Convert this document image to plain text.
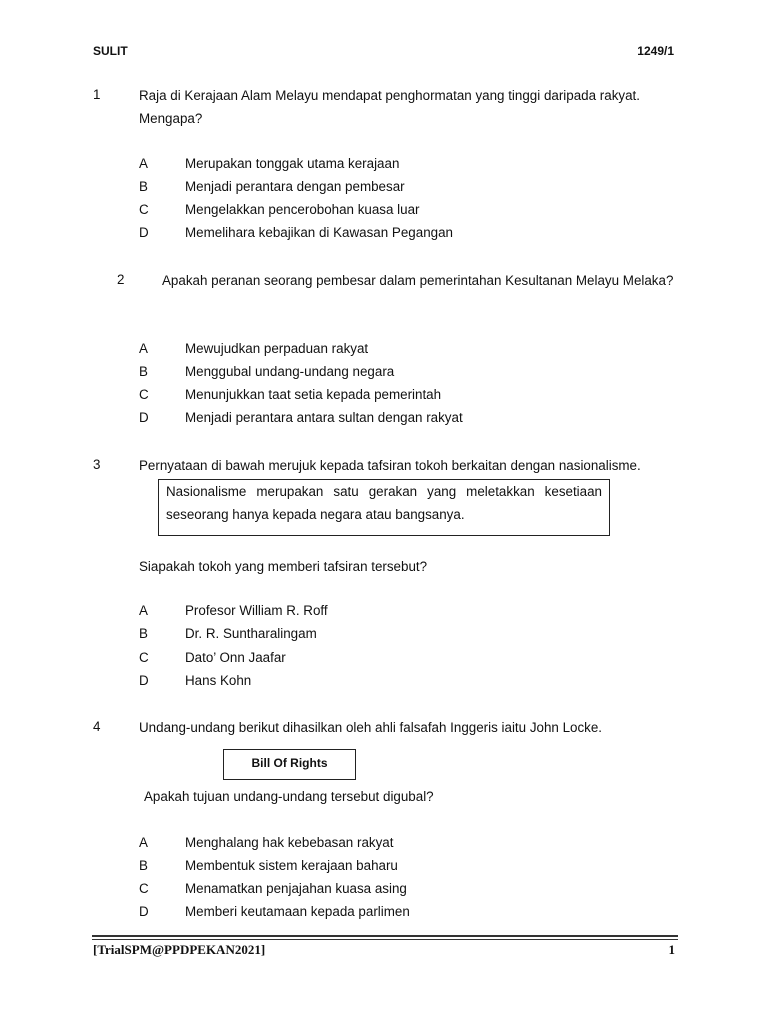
SULIT	1249/1
1	Raja di Kerajaan Alam Melayu mendapat penghormatan yang tinggi daripada rakyat. Mengapa?
A	Merupakan tonggak utama kerajaan
B	Menjadi perantara dengan pembesar
C	Mengelakkan pencerobohan kuasa luar
D	Memelihara kebajikan di Kawasan Pegangan
2	Apakah peranan seorang pembesar dalam pemerintahan Kesultanan Melayu Melaka?
A	Mewujudkan perpaduan rakyat
B	Menggubal undang-undang negara
C	Menunjukkan taat setia kepada pemerintah
D	Menjadi perantara antara sultan dengan rakyat
3	Pernyataan di bawah merujuk kepada tafsiran tokoh berkaitan dengan nasionalisme.
Nasionalisme merupakan satu gerakan yang meletakkan kesetiaan seseorang hanya kepada negara atau bangsanya.
Siapakah tokoh yang memberi tafsiran tersebut?
A	Profesor William R. Roff
B	Dr. R. Suntharalingam
C	Dato’ Onn Jaafar
D	Hans Kohn
4	Undang-undang berikut dihasilkan oleh ahli falsafah Inggeris iaitu John Locke.
Bill Of Rights
Apakah tujuan undang-undang tersebut digubal?
A	Menghalang hak kebebasan rakyat
B	Membentuk sistem kerajaan baharu
C	Menamatkan penjajahan kuasa asing
D	Memberi keutamaan kepada parlimen
[TrialSPM@PPDPEKAN2021]	1
